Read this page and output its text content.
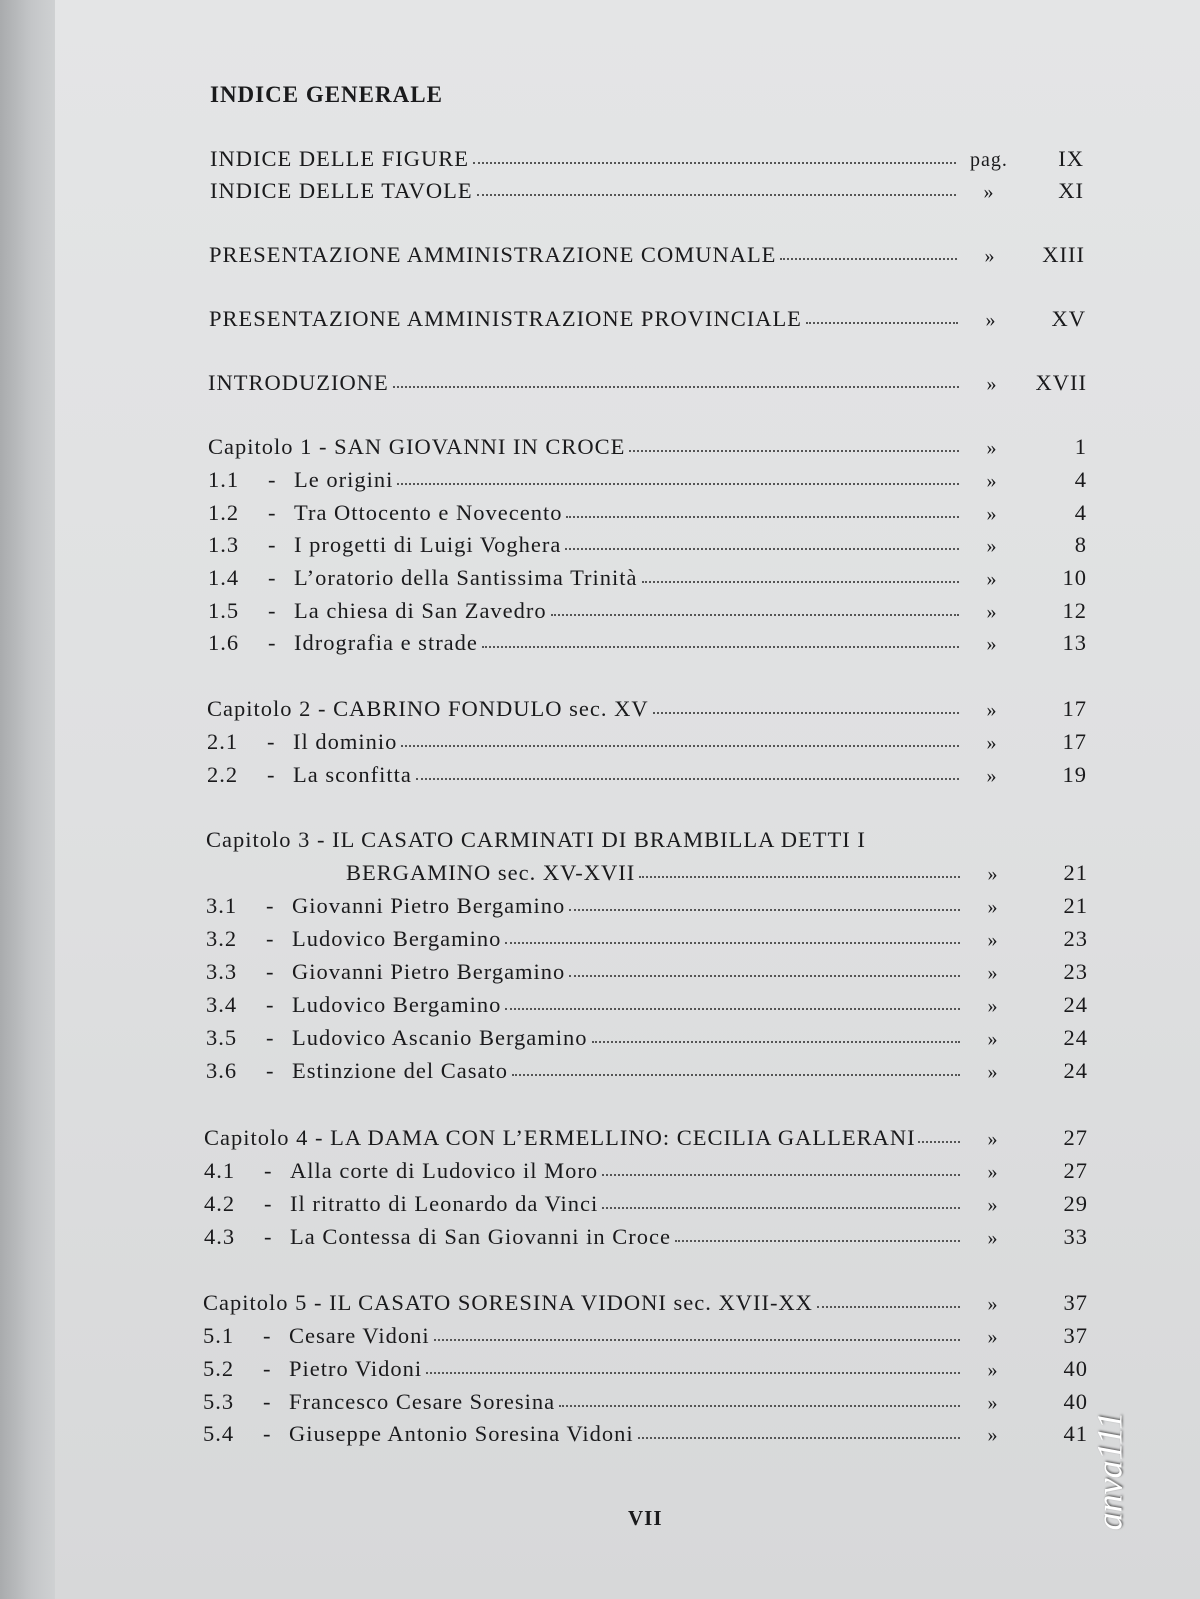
INDICE GENERALE
INDICE DELLE FIGURE	pag.	IX
INDICE DELLE TAVOLE	»	XI
PRESENTAZIONE AMMINISTRAZIONE COMUNALE	»	XIII
PRESENTAZIONE AMMINISTRAZIONE PROVINCIALE	»	XV
INTRODUZIONE	»	XVII
Capitolo 1 - SAN GIOVANNI IN CROCE	»	1
1.1	- Le origini	»	4
1.2	- Tra Ottocento e Novecento	»	4
1.3	- I progetti di Luigi Voghera	»	8
1.4	- L’oratorio della Santissima Trinità	»	10
1.5	- La chiesa di San Zavedro	»	12
1.6	- Idrografia e strade	»	13
Capitolo 2 - CABRINO FONDULO sec. XV	»	17
2.1	- Il dominio	»	17
2.2	- La sconfitta	»	19
Capitolo 3 - IL CASATO CARMINATI DI BRAMBILLA DETTI I
BERGAMINO sec. XV-XVII	»	21
3.1	- Giovanni Pietro Bergamino	»	21
3.2	- Ludovico Bergamino	»	23
3.3	- Giovanni Pietro Bergamino	»	23
3.4	- Ludovico Bergamino	»	24
3.5	- Ludovico Ascanio Bergamino	»	24
3.6	- Estinzione del Casato	»	24
Capitolo 4 - LA DAMA CON L’ERMELLINO: CECILIA GALLERANI	»	27
4.1	- Alla corte di Ludovico il Moro	»	27
4.2	- Il ritratto di Leonardo da Vinci	»	29
4.3	- La Contessa di San Giovanni in Croce	»	33
Capitolo 5 - IL CASATO SORESINA VIDONI sec. XVII-XX	»	37
5.1	- Cesare Vidoni	»	37
5.2	- Pietro Vidoni	»	40
5.3	- Francesco Cesare Soresina	»	40
5.4	- Giuseppe Antonio Soresina Vidoni	»	41
VII	anva111
